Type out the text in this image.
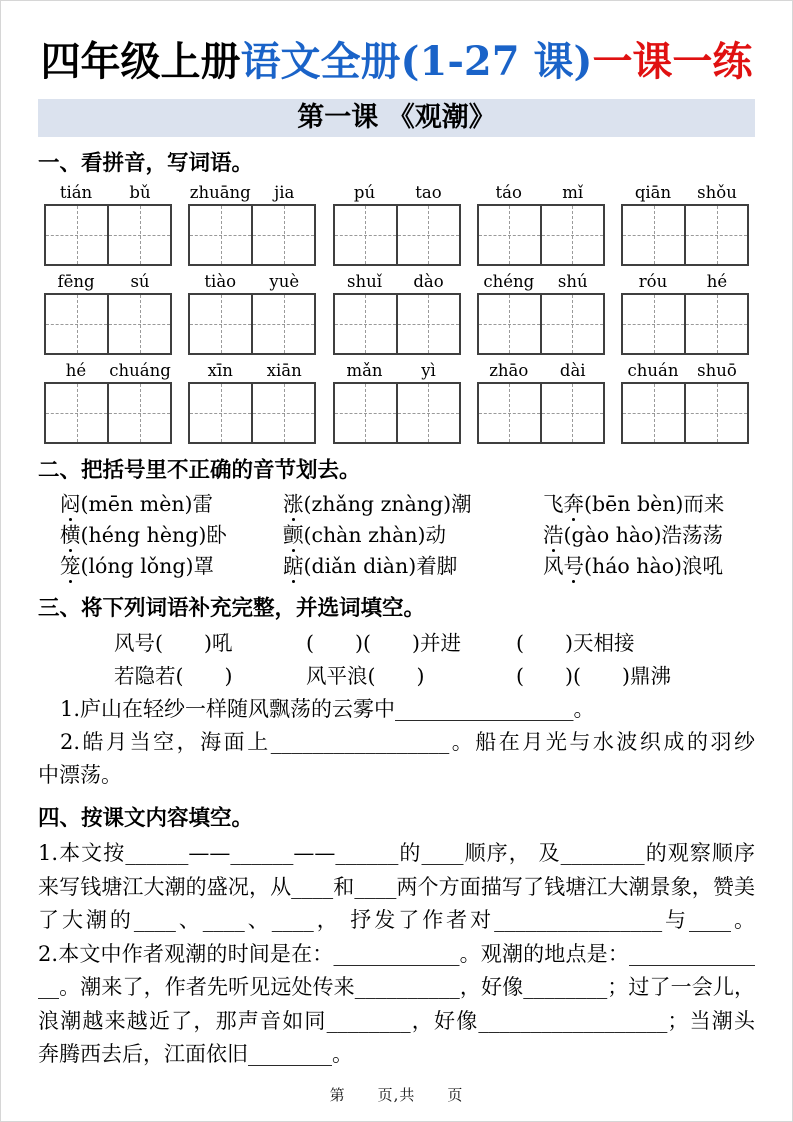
四年级上册语文全册(1-27 课)一课一练
第一课 《观潮》
一、看拼音，写词语。
tián	bǔ	zhuāng	jia	pú	tao	táo	mǐ	qiān	shǒu
fēng	sú	tiào	yuè	shuǐ	dào	chéng	shú	róu	hé
hé	chuáng	xīn	xiān	mǎn	yì	zhāo	dài	chuán	shuō
二、把括号里不正确的音节划去。
闷(mēn mèn)雷	涨(zhǎng znàng)潮	飞奔(bēn bèn)而来
横(héng hèng)卧	颤(chàn zhàn)动	浩(gào hào)浩荡荡
笼(lóng lǒng)罩	踮(diǎn diàn)着脚	风号(háo hào)浪吼
三、将下列词语补充完整，并选词填空。
风号(　　)吼	(　　)(　　)并进	(　　)天相接
若隐若(　　)	风平浪(　　)	(　　)(　　)鼎沸
1.庐山在轻纱一样随风飘荡的云雾中_________________。
2.皓月当空，海面上_________________。船在月光与水波织成的羽纱
中漂荡。
四、按课文内容填空。
1.本文按______——______——______的____顺序， 及________的观察顺序
来写钱塘江大潮的盛况，从____和____两个方面描写了钱塘江大潮景象，赞美
了大潮的____、____、____， 抒发了作者对________________与____。
2.本文中作者观潮的时间是在：____________。观潮的地点是：____________
__。潮来了，作者先听见远处传来__________，好像________；过了一会儿，
浪潮越来越近了，那声音如同________，好像__________________；当潮头
奔腾西去后，江面依旧________。
第　　页,共　　页
